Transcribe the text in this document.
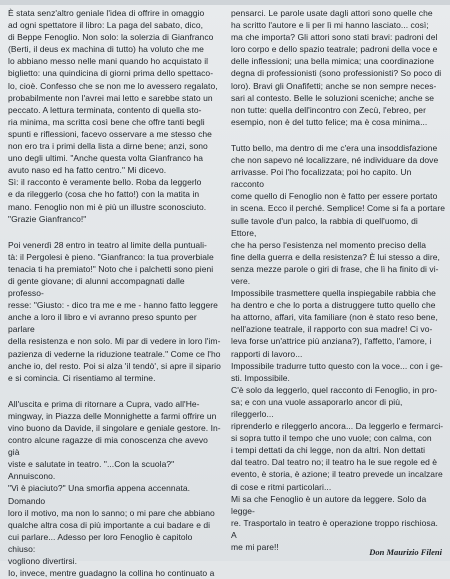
È stata senz'altro geniale l'idea di offrire in omaggio
ad ogni spettatore il libro: La paga del sabato, dico,
di Beppe Fenoglio. Non solo: la solerzia di Gianfranco
(Berti, il deus ex machina di tutto) ha voluto che me
lo abbiano messo nelle mani quando ho acquistato il
biglietto: una quindicina di giorni prima dello spettaco-
lo, cioè. Confesso che se non me lo avessero regalato,
probabilmente non l'avrei mai letto e sarebbe stato un
peccato. A lettura terminata, contento di quella sto-
ria minima, ma scritta così bene che offre tanti begli
spunti e riflessioni, facevo osservare a me stesso che
non ero tra i primi della lista a dirne bene; anzi, sono
uno degli ultimi. "Anche questa volta Gianfranco ha
avuto naso ed ha fatto centro." Mi dicevo.
Sì: il racconto è veramente bello. Roba da leggerlo
e da rileggerlo (cosa che ho fatto!) con la matita in
mano. Fenoglio non mi è più un illustre sconosciuto.
"Grazie Gianfranco!"

Poi venerdì 28 entro in teatro al limite della puntuali-
tà: il Pergolesi è pieno. "Gianfranco: la tua proverbiale
tenacia ti ha premiato!" Noto che i palchetti sono pieni
di gente giovane; di alunni accompagnati dalle professo-
resse: "Giusto: - dico tra me e me - hanno fatto leggere
anche a loro il libro e vi avranno preso spunto per parlare
della resistenza e non solo. Mi par di vedere in loro l'im-
pazienza di vederne la riduzione teatrale." Come ce l'ho
anche io, del resto. Poi si alza 'il tendò', si apre il sipario
e si comincia. Ci risentiamo al termine.

All'uscita e prima di ritornare a Cupra, vado all'He-
mingway, in Piazza delle Monnighette a farmi offrire un
vino buono da Davide, il singolare e geniale gestore. In-
contro alcune ragazze di mia conoscenza che avevo già
viste e salutate in teatro. "...Con la scuola?" Annuiscono.
"Vi è piaciuto?" Una smorfia appena accennata. Domando
loro il motivo, ma non lo sanno; o mi pare che abbiano
qualche altra cosa di più importante a cui badare e di
cui parlare... Adesso per loro Fenoglio è capitolo chiuso:
vogliono divertirsi.
Io, invece, mentre guadagno la collina ho continuato a

pensarci. Le parole usate dagli attori sono quelle che
ha scritto l'autore e li per lì mi hanno lasciato... così;
ma che importa? Gli attori sono stati bravi: padroni del
loro corpo e dello spazio teatrale; padroni della voce e
delle inflessioni; una bella mimica; una coordinazione
degna di professionisti (sono professionisti? So poco di
loro). Bravi gli Onafifetti; anche se non sempre neces-
sari al contesto. Belle le soluzioni sceniche; anche se
non tutte: quella dell'incontro con Zecù, l'ebreo, per
esempio, non è del tutto felice; ma è cosa minima...

Tutto bello, ma dentro di me c'era una insoddisfazione
che non sapevo né localizzare, né individuare da dove
arrivasse. Poi l'ho focalizzata; poi ho capito. Un racconto
come quello di Fenoglio non è fatto per essere portato
in scena. Ecco il perché. Semplice! Come si fa a portare
sulle tavole d'un palco, la rabbia di quell'uomo, di Ettore,
che ha perso l'esistenza nel momento preciso della
fine della guerra e della resistenza? È lui stesso a dire,
senza mezze parole o giri di frase, che lì ha finito di vi-
vere.
Impossibile trasmettere quella inspiegabile rabbia che
ha dentro e che lo porta a distruggere tutto quello che
ha attorno, affari, vita familiare (non è stato reso bene,
nell'azione teatrale, il rapporto con sua madre! Ci vo-
leva forse un'attrice più anziana?), l'affetto, l'amore, i
rapporti di lavoro...
Impossibile tradurre tutto questo con la voce... con i ge-
sti. Impossibile.
C'è solo da leggerlo, quel racconto di Fenoglio, in pro-
sa; e con una vuole assaporarlo ancor di più, rileggerlo...
riprenderlo e rileggerlo ancora... Da leggerlo e fermarci-
si sopra tutto il tempo che uno vuole; con calma, con
i tempi dettati da chi legge, non da altri. Non dettati
dal teatro. Dal teatro no; il teatro ha le sue regole ed è
evento, è storia, è azione; il teatro prevede un incalzare
di cose e ritmi particolari...
Mi sa che Fenoglio è un autore da leggere. Solo da legge-
re. Trasportalo in teatro è operazione troppo rischiosa. A
me mi pare!!	Don Maurizio Fileni
